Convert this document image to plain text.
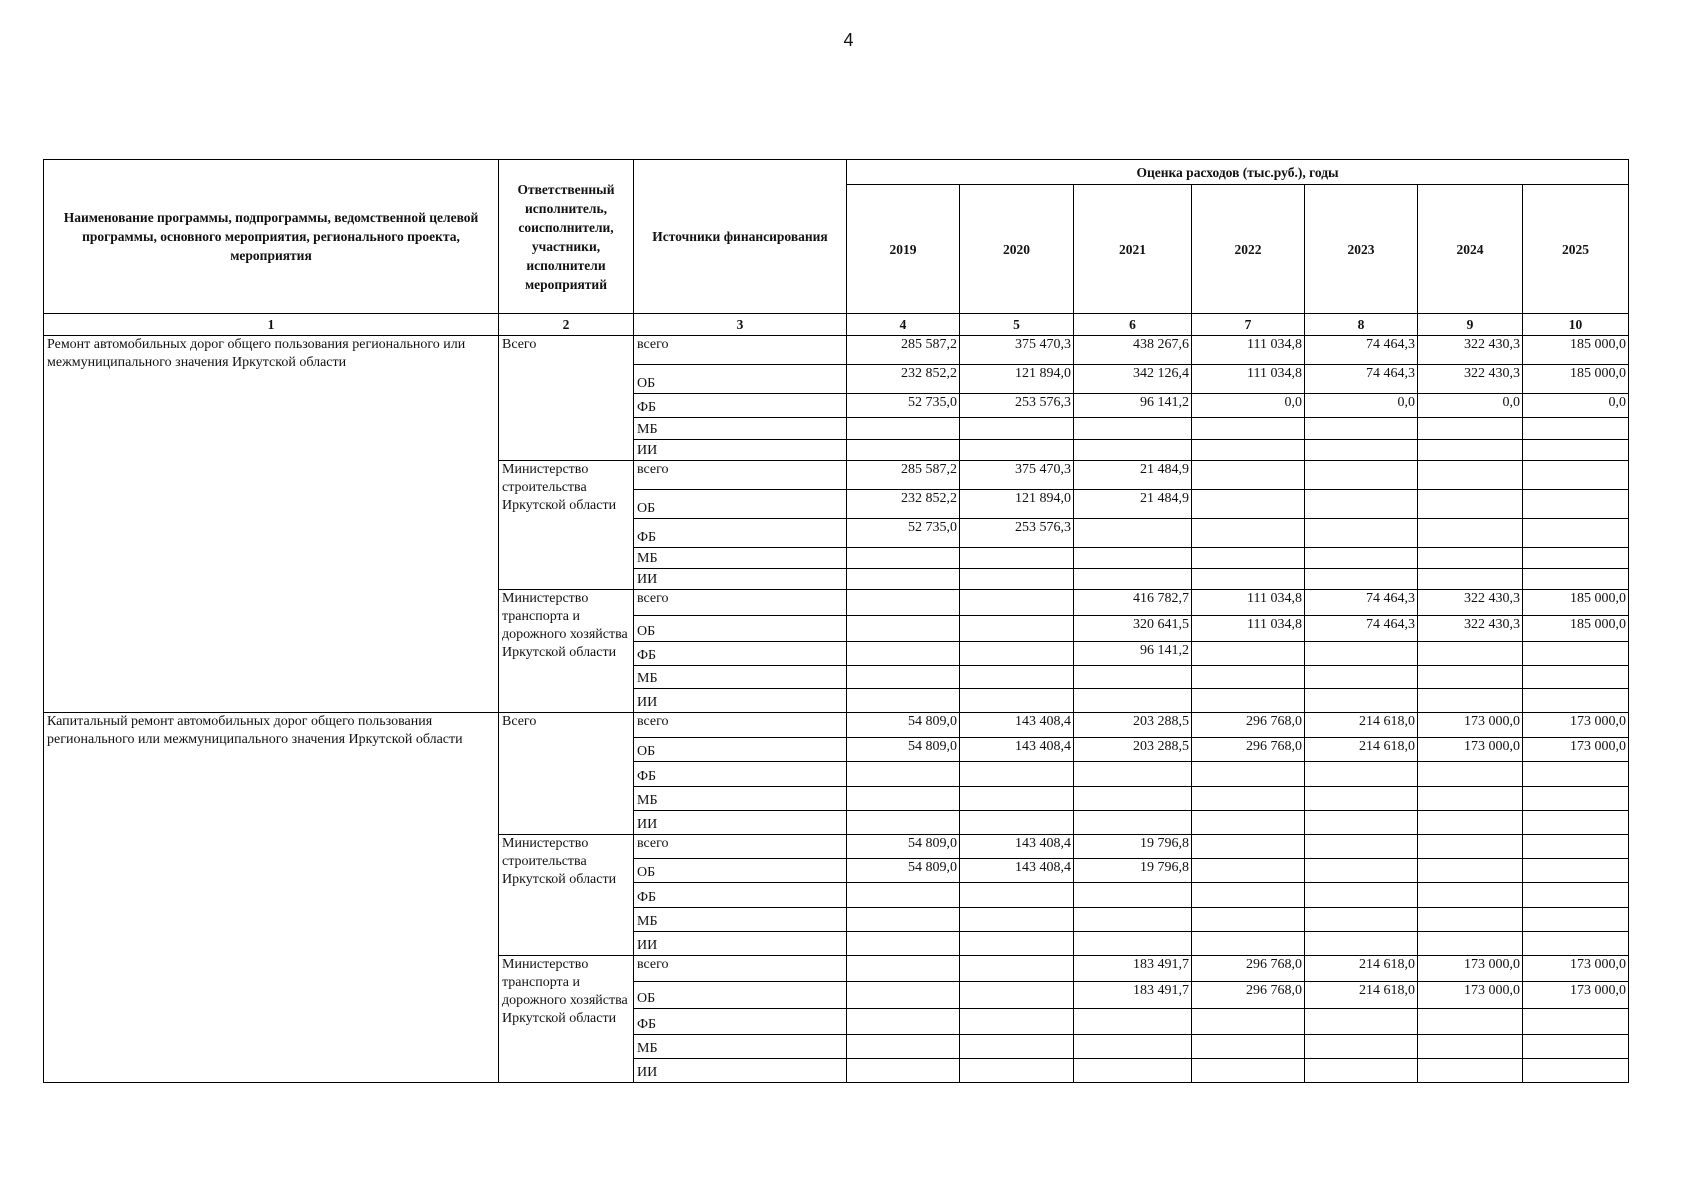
4
Наименование программы, подпрограммы, ведомственной целевой программы, основного мероприятия, регионального проекта, мероприятия	Ответственный исполнитель, соисполнители, участники, исполнители мероприятий	Источники финансирования	Оценка расходов (тыс.руб.), годы						
			2019	2020	2021	2022	2023	2024	2025
1	2	3	4	5	6	7	8	9	10
Ремонт автомобильных дорог общего пользования регионального или межмуниципального значения Иркутской области	Всего	всего	285 587,2	375 470,3	438 267,6	111 034,8	74 464,3	322 430,3	185 000,0
		ОБ	232 852,2	121 894,0	342 126,4	111 034,8	74 464,3	322 430,3	185 000,0
		ФБ	52 735,0	253 576,3	96 141,2	0,0	0,0	0,0	0,0
		МБ							
		ИИ							
	Министерство строительства Иркутской области	всего	285 587,2	375 470,3	21 484,9				
		ОБ	232 852,2	121 894,0	21 484,9				
		ФБ	52 735,0	253 576,3					
		МБ							
		ИИ							
	Министерство транспорта и дорожного хозяйства Иркутской области	всего			416 782,7	111 034,8	74 464,3	322 430,3	185 000,0
		ОБ			320 641,5	111 034,8	74 464,3	322 430,3	185 000,0
		ФБ			96 141,2				
		МБ							
		ИИ							
Капитальный ремонт автомобильных дорог общего пользования регионального или межмуниципального значения Иркутской области	Всего	всего	54 809,0	143 408,4	203 288,5	296 768,0	214 618,0	173 000,0	173 000,0
		ОБ	54 809,0	143 408,4	203 288,5	296 768,0	214 618,0	173 000,0	173 000,0
		ФБ							
		МБ							
		ИИ							
	Министерство строительства Иркутской области	всего	54 809,0	143 408,4	19 796,8				
		ОБ	54 809,0	143 408,4	19 796,8				
		ФБ							
		МБ							
		ИИ							
	Министерство транспорта и дорожного хозяйства Иркутской области	всего			183 491,7	296 768,0	214 618,0	173 000,0	173 000,0
		ОБ			183 491,7	296 768,0	214 618,0	173 000,0	173 000,0
		ФБ							
		МБ							
		ИИ							
